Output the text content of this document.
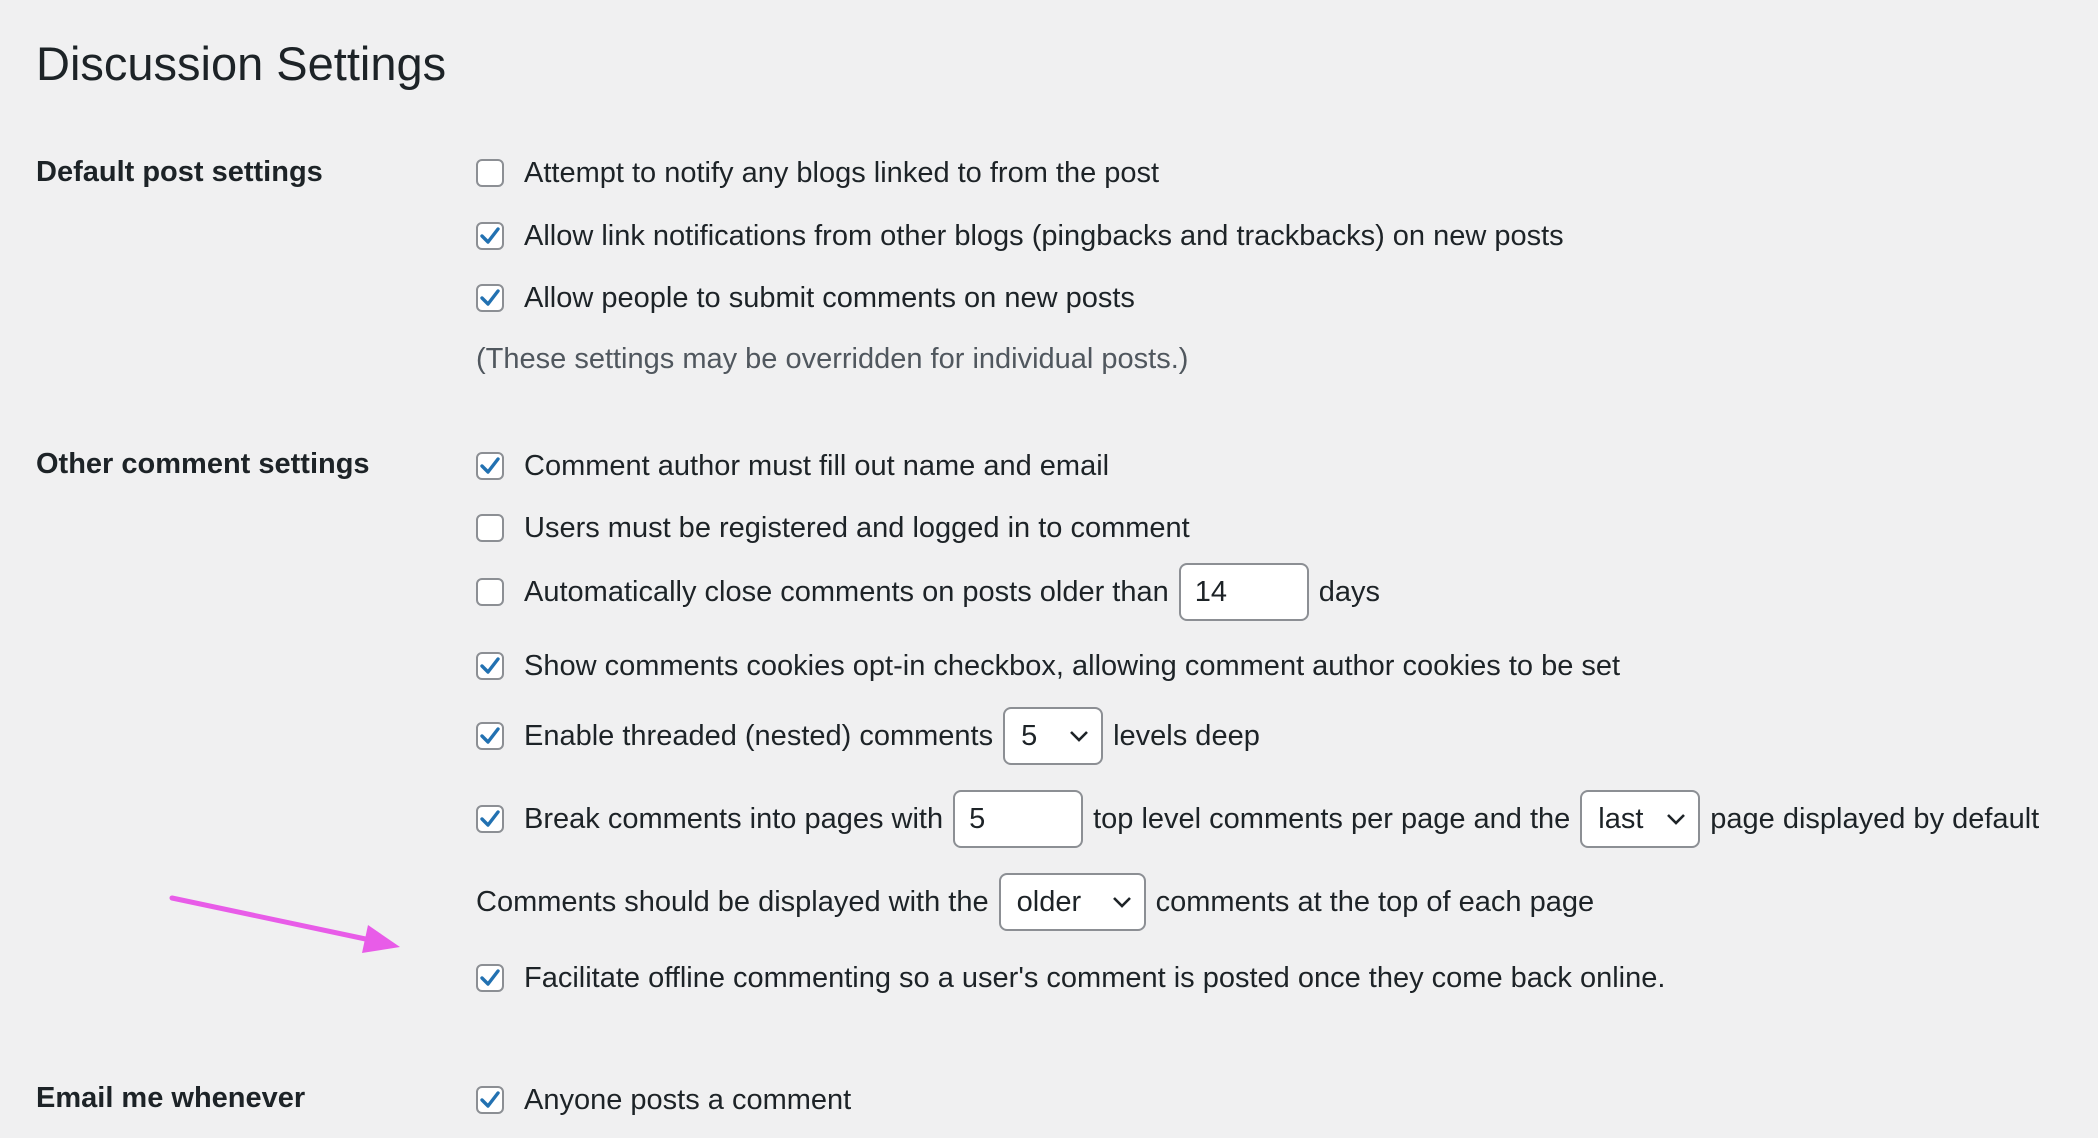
Discussion Settings
Default post settings	Attempt to notify any blogs linked to from the post
Allow link notifications from other blogs (pingbacks and trackbacks) on new posts
Allow people to submit comments on new posts
(These settings may be overridden for individual posts.)
Other comment settings	Comment author must fill out name and email
Users must be registered and logged in to comment
Automatically close comments on posts older than 14	days
Show comments cookies opt-in checkbox, allowing comment author cookies to be set
Enable threaded (nested) comments 5	levels deep
Break comments into pages with 5	top level comments per page and the last page displayed by default
Comments should be displayed with the older	comments at the top of each page
Facilitate offline commenting so a user's comment is posted once they come back online.
Email me whenever	Anyone posts a comment
